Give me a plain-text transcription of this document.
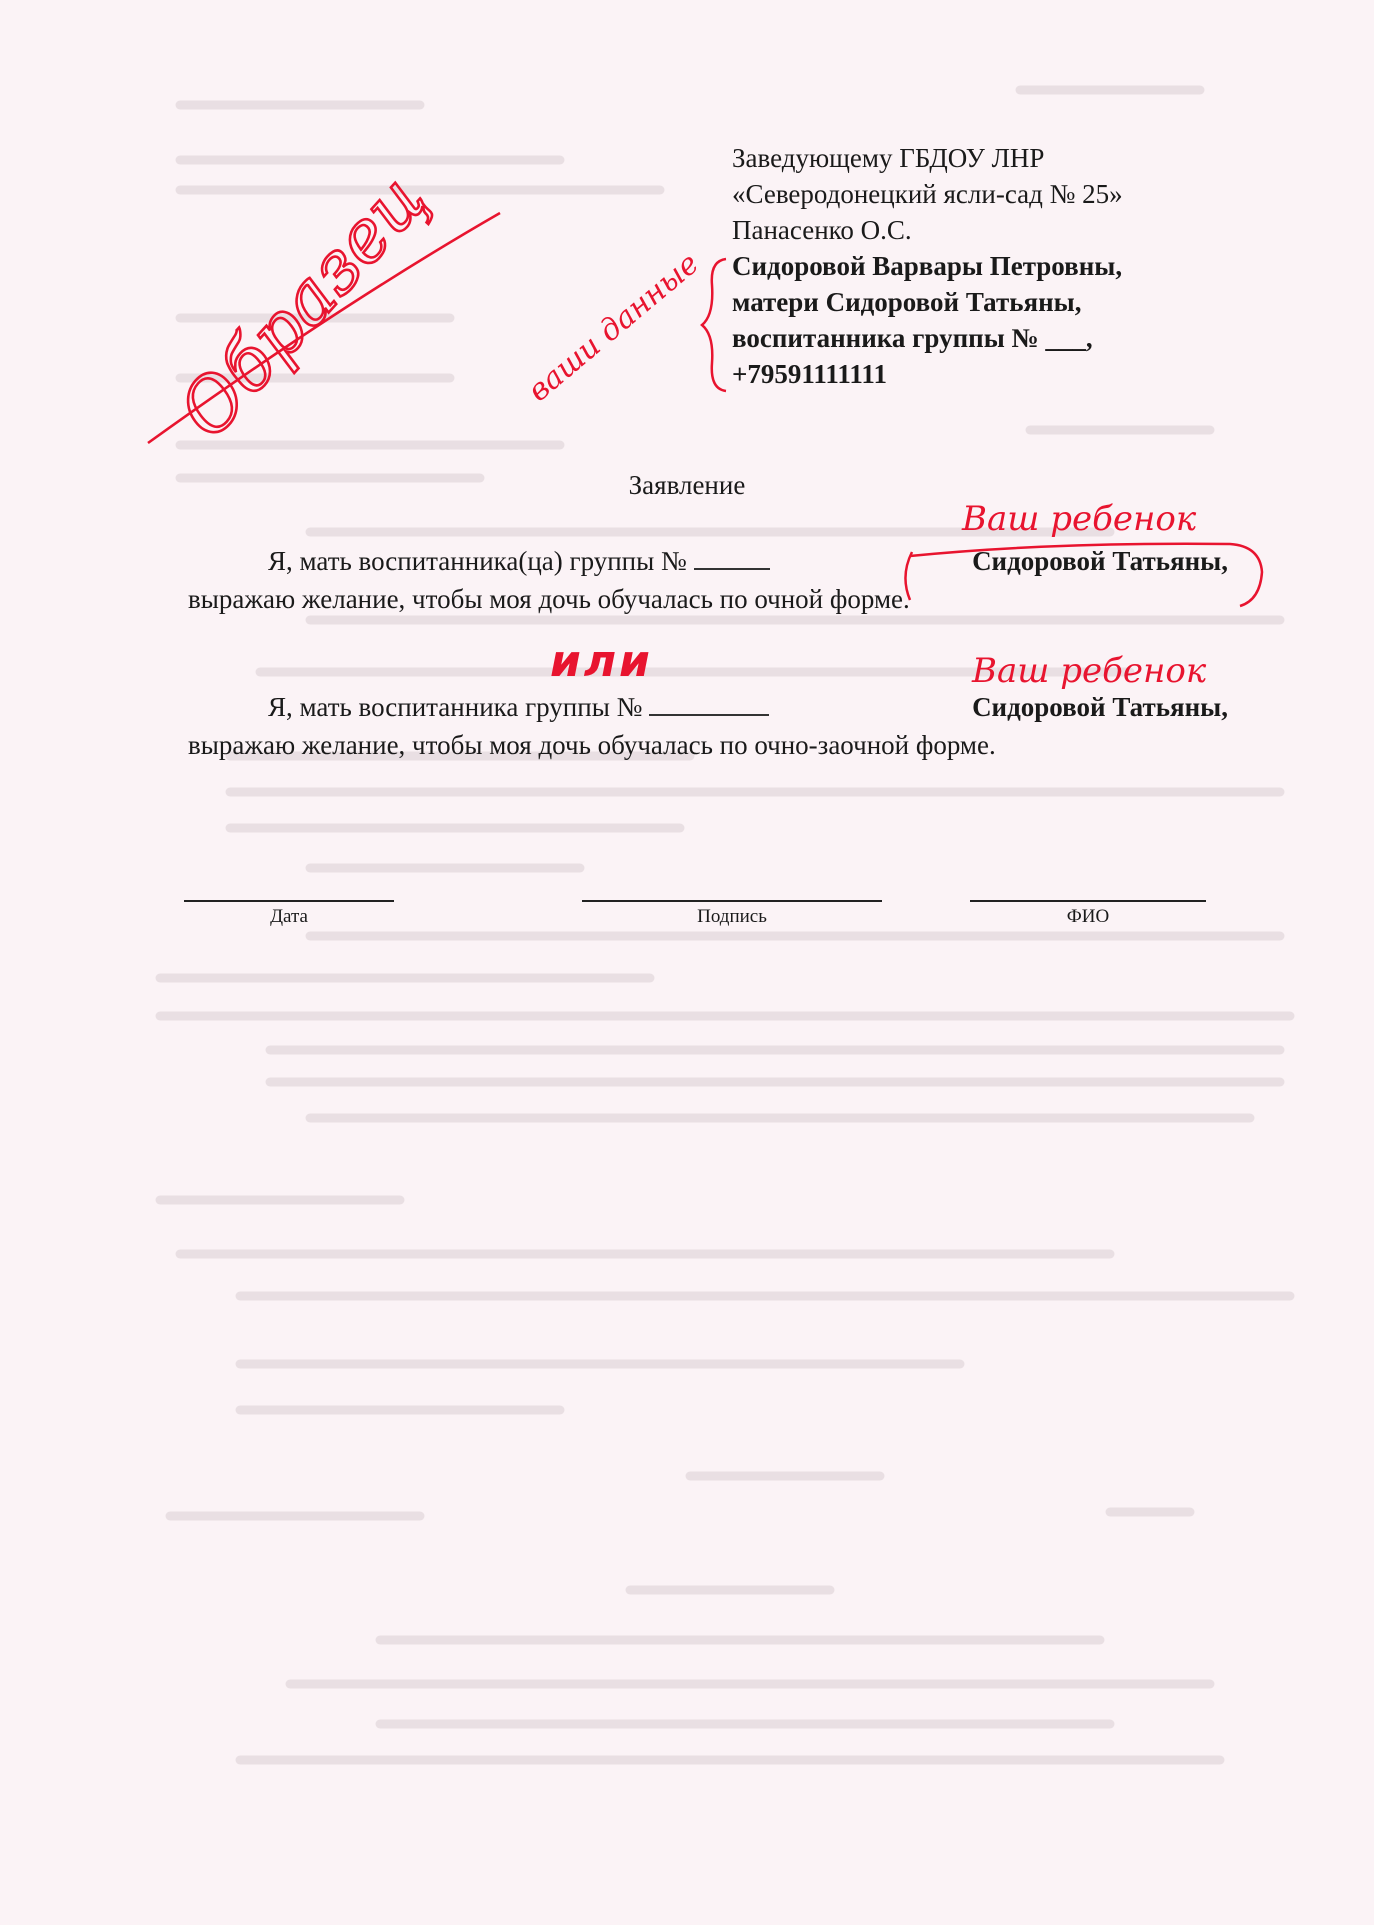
Заведующему ГБДОУ ЛНР
«Северодонецкий ясли-сад № 25»
Панасенко О.С.
Сидоровой Варвары Петровны,
матери Сидоровой Татьяны,
воспитанника группы № ___,
+79591111111
Заявление
Я, мать воспитанника(ца) группы №	Сидоровой Татьяны,
выражаю желание, чтобы моя дочь обучалась по очной форме.
Я, мать воспитанника группы №	Сидоровой Татьяны,
выражаю желание, чтобы моя дочь обучалась по очно-заочной форме.
Дата	Подпись	ФИО
Образец	ваши данные
Ваш ребенок
или	Ваш ребенок
